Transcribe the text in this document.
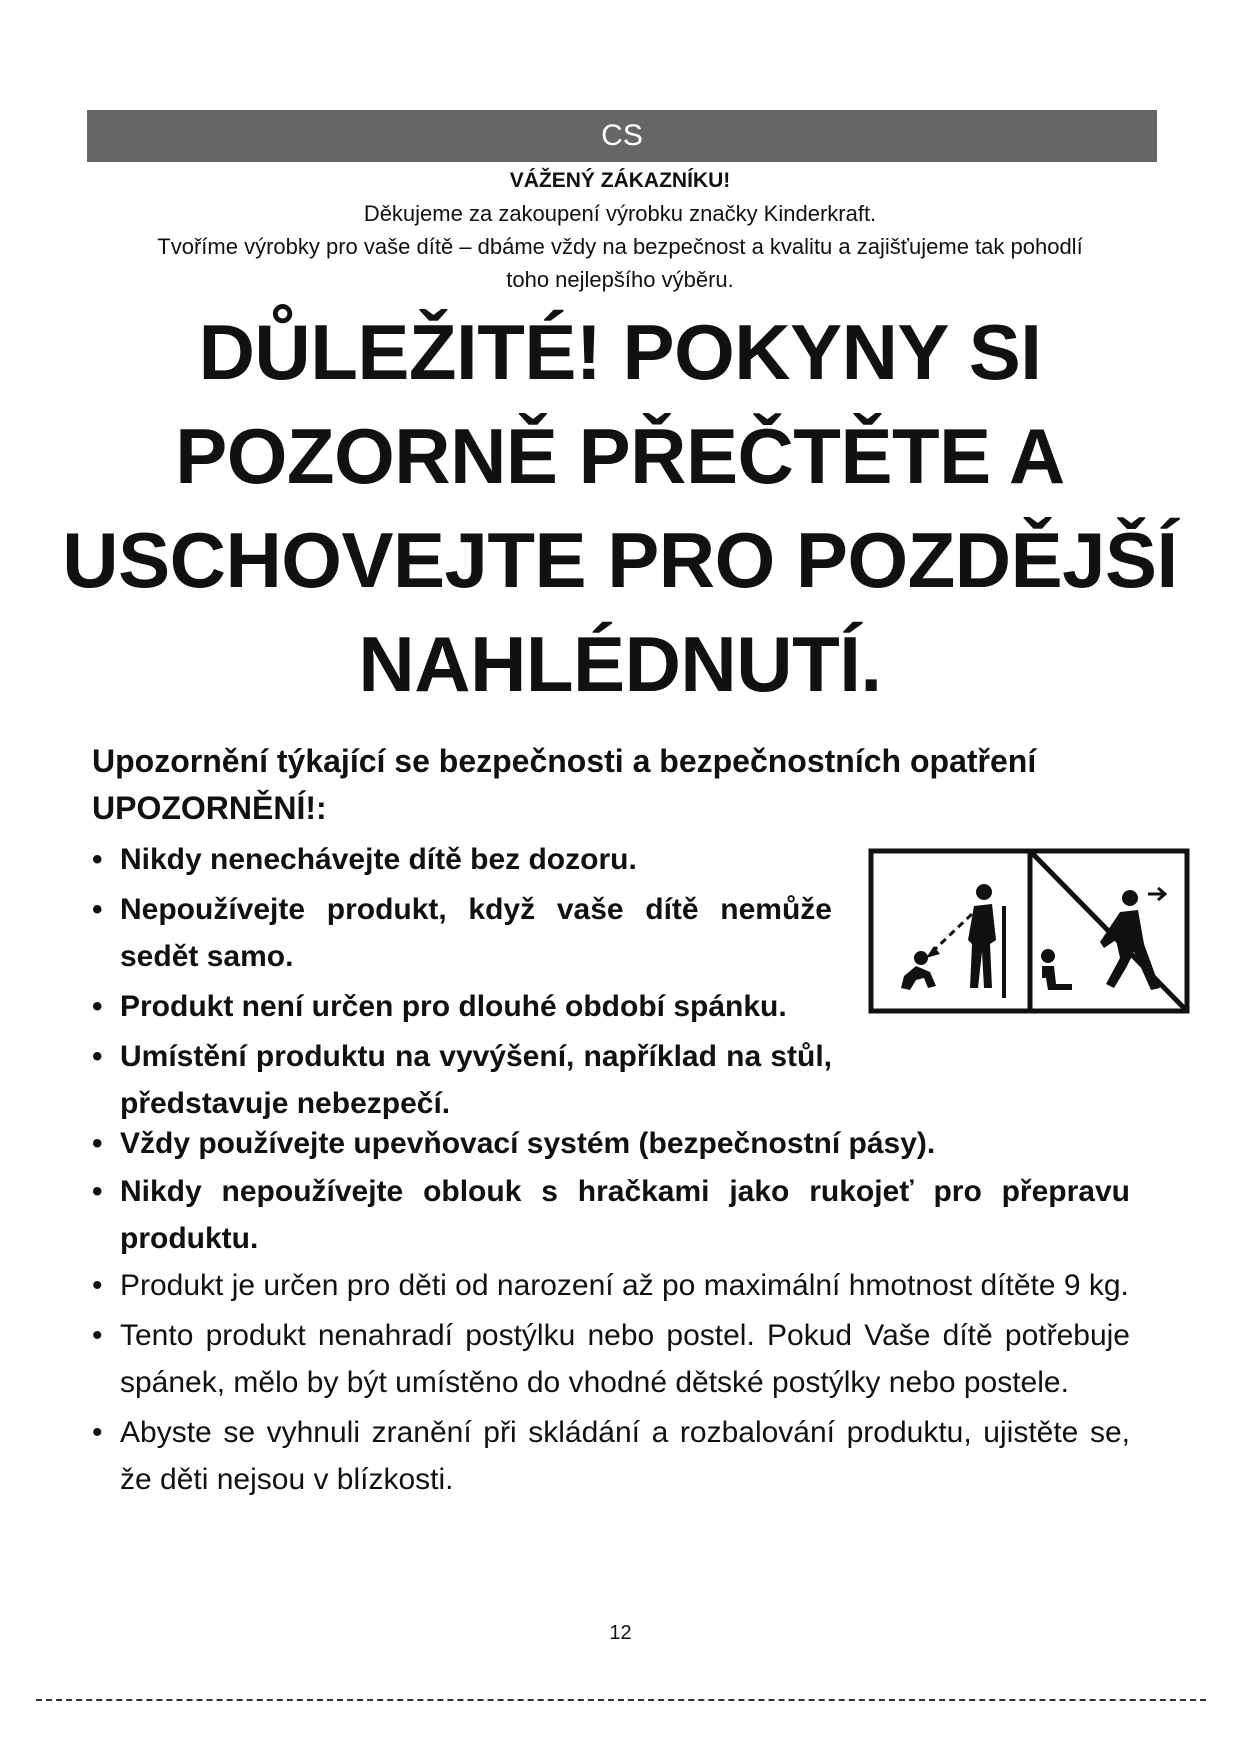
CS
VÁŽENÝ ZÁKAZNÍKU!
Děkujeme za zakoupení výrobku značky Kinderkraft.
Tvoříme výrobky pro vaše dítě – dbáme vždy na bezpečnost a kvalitu a zajišťujeme tak pohodlí
toho nejlepšího výběru.
DŮLEŽITÉ! POKYNY SI
POZORNĚ PŘEČTĚTE A
USCHOVEJTE PRO POZDĚJŠÍ
NAHLÉDNUTÍ.
Upozornění týkající se bezpečnosti a bezpečnostních opatření
UPOZORNĚNÍ!:
• Nikdy nenechávejte dítě bez dozoru.
• Nepoužívejte produkt, když vaše dítě nemůže sedět samo.
• Produkt není určen pro dlouhé období spánku.
• Umístění produktu na vyvýšení, například na stůl, představuje nebezpečí.
• Vždy používejte upevňovací systém (bezpečnostní pásy).
• Nikdy nepoužívejte oblouk s hračkami jako rukojeť pro přepravu produktu.
• Produkt je určen pro děti od narození až po maximální hmotnost dítěte 9 kg.
• Tento produkt nenahradí postýlku nebo postel. Pokud Vaše dítě potřebuje spánek, mělo by být umístěno do vhodné dětské postýlky nebo postele.
• Abyste se vyhnuli zranění při skládání a rozbalování produktu, ujistěte se, že děti nejsou v blízkosti.
12
